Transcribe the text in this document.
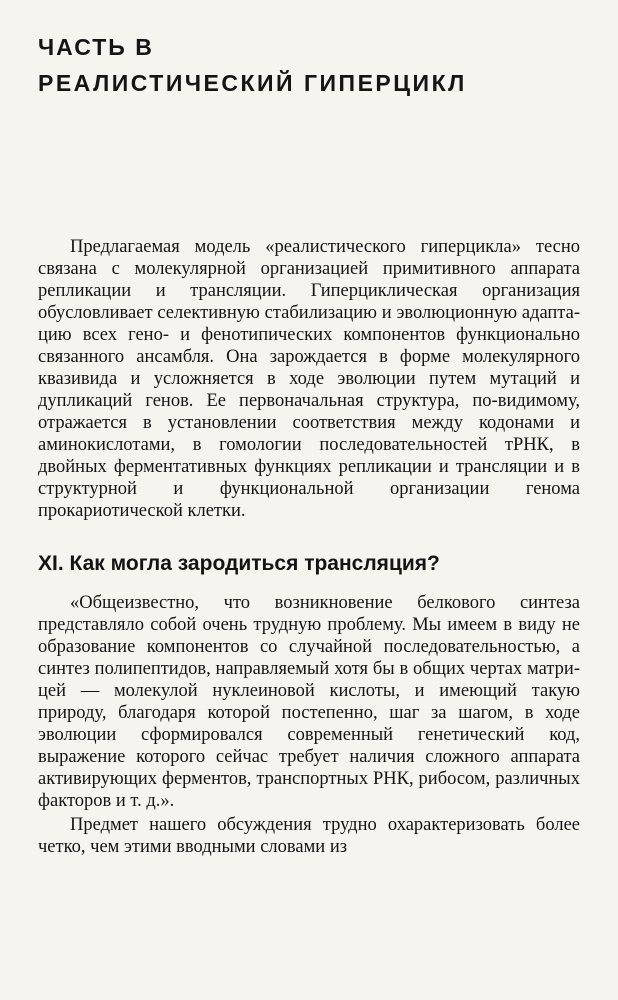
ЧАСТЬ В
РЕАЛИСТИЧЕСКИЙ ГИПЕРЦИКЛ

Предлагаемая модель «реалистического гиперцикла» тесно связана с молекулярной организацией примитивного аппарата репликации и трансляции. Гиперциклическая организация обусловливает селективную стабилизацию и эволюционную адаптацию всех гено- и фенотипических компонентов функционально связанного ансамбля. Она зарождается в форме молекулярного квазивида и усложняется в ходе эволюции путем мутаций и дупликаций генов. Ее первоначальная структура, по-видимому, отражается в установлении соответствия между кодонами и аминокислотами, в гомологии последовательностей тРНК, в двойных ферментативных функциях репликации и трансляции и в структурной и функциональной организации генома прокариотической клетки.

XI. Как могла зародиться трансляция?

«Общеизвестно, что возникновение белкового синтеза представляло собой очень трудную проблему. Мы имеем в виду не образование компонентов со случайной последовательностью, а синтез полипептидов, направляемый хотя бы в общих чертах матрицей — молекулой нуклеиновой кислоты, и имеющий такую природу, благодаря которой постепенно, шаг за шагом, в ходе эволюции сформировался современный генетический код, выражение которого сейчас требует наличия сложного аппарата активирующих ферментов, транспортных РНК, рибосом, различных факторов и т. д.».

Предмет нашего обсуждения трудно охарактеризовать более четко, чем этими вводными словами из
